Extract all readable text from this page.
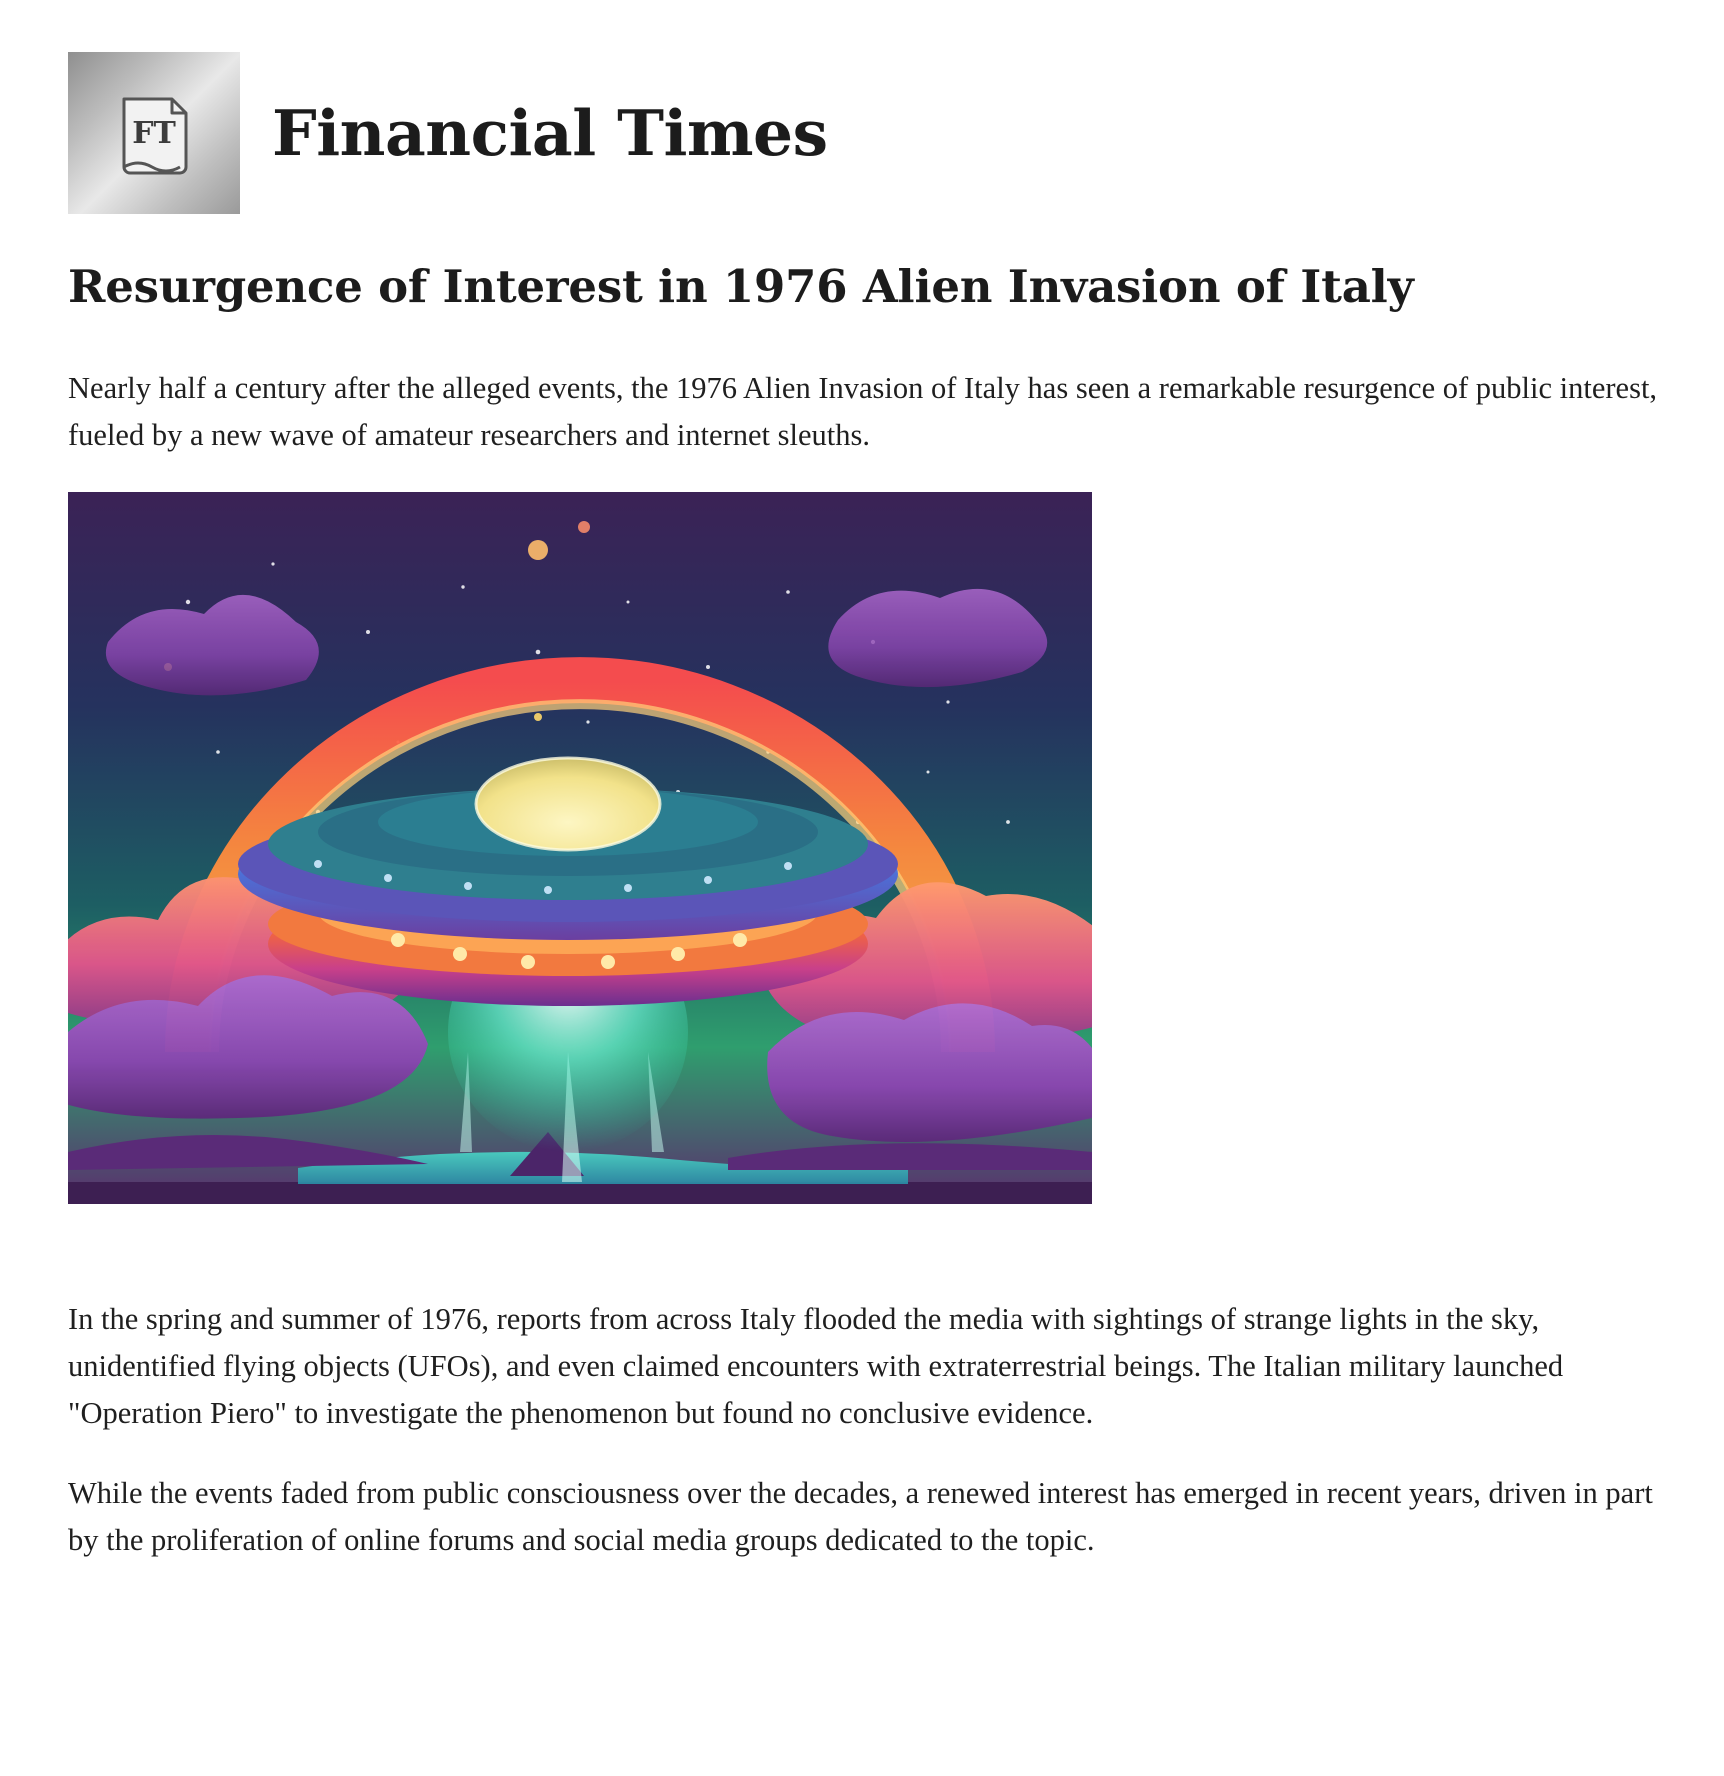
FT Financial Times
Resurgence of Interest in 1976 Alien Invasion of Italy

Nearly half a century after the alleged events, the 1976 Alien Invasion of Italy has seen a remarkable resurgence of public interest, fueled by a new wave of amateur researchers and internet sleuths.

In the spring and summer of 1976, reports from across Italy flooded the media with sightings of strange lights in the sky, unidentified flying objects (UFOs), and even claimed encounters with extraterrestrial beings. The Italian military launched "Operation Piero" to investigate the phenomenon but found no conclusive evidence.

While the events faded from public consciousness over the decades, a renewed interest has emerged in recent years, driven in part by the proliferation of online forums and social media groups dedicated to the topic.
